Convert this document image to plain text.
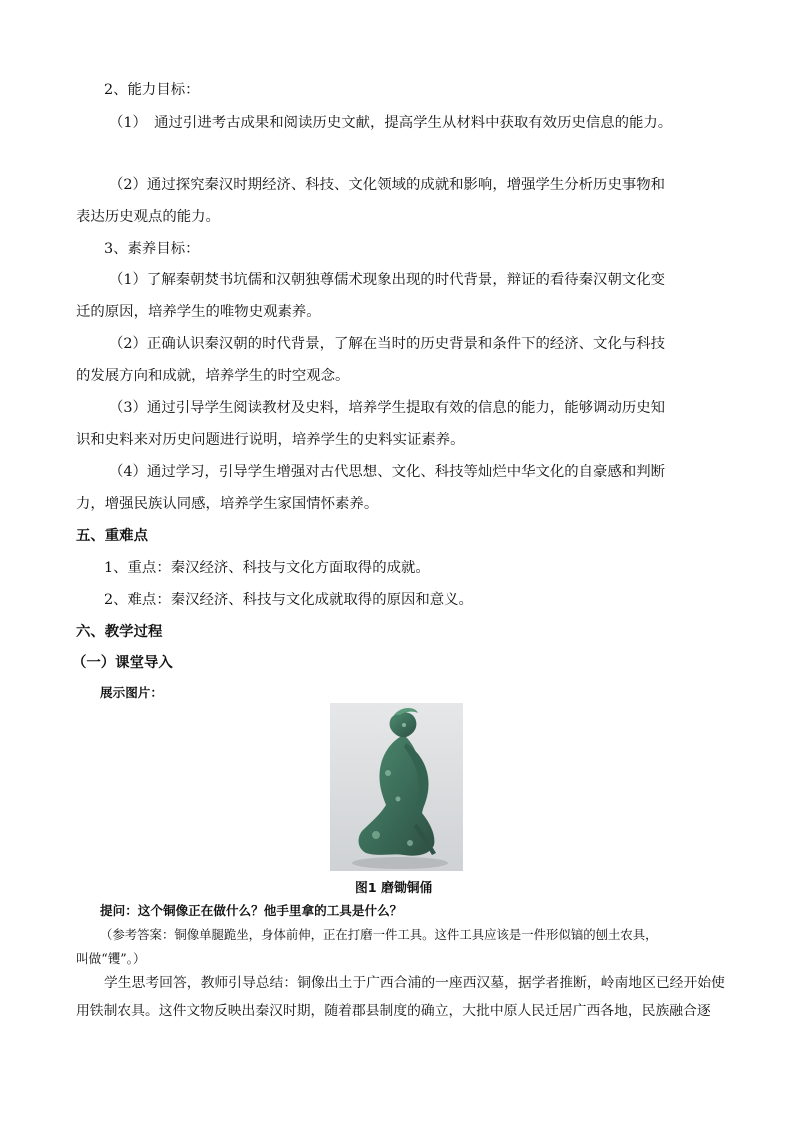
2、能力目标：
（1）　通过引进考古成果和阅读历史文献，提高学生从材料中获取有效历史信息的能力。
（2）通过探究秦汉时期经济、科技、文化领域的成就和影响，增强学生分析历史事物和
表达历史观点的能力。
3、素养目标：
（1）了解秦朝焚书坑儒和汉朝独尊儒术现象出现的时代背景，辩证的看待秦汉朝文化变
迁的原因，培养学生的唯物史观素养。
（2）正确认识秦汉朝的时代背景，了解在当时的历史背景和条件下的经济、文化与科技
的发展方向和成就，培养学生的时空观念。
（3）通过引导学生阅读教材及史料，培养学生提取有效的信息的能力，能够调动历史知
识和史料来对历史问题进行说明，培养学生的史料实证素养。
（4）通过学习，引导学生增强对古代思想、文化、科技等灿烂中华文化的自豪感和判断
力，增强民族认同感，培养学生家国情怀素养。
五、重难点
1、重点：秦汉经济、科技与文化方面取得的成就。
2、难点：秦汉经济、科技与文化成就取得的原因和意义。
六、教学过程
（一）课堂导入
展示图片：
图1 磨锄铜俑
提问：这个铜像正在做什么？他手里拿的工具是什么？
（参考答案：铜像单腿跪坐，身体前伸，正在打磨一件工具。这件工具应该是一件形似镐的刨土农具，
叫做“䦆”。）
学生思考回答，教师引导总结：铜像出土于广西合浦的一座西汉墓，据学者推断，岭南地区已经开始使
用铁制农具。这件文物反映出秦汉时期，随着郡县制度的确立，大批中原人民迁居广西各地，民族融合逐
